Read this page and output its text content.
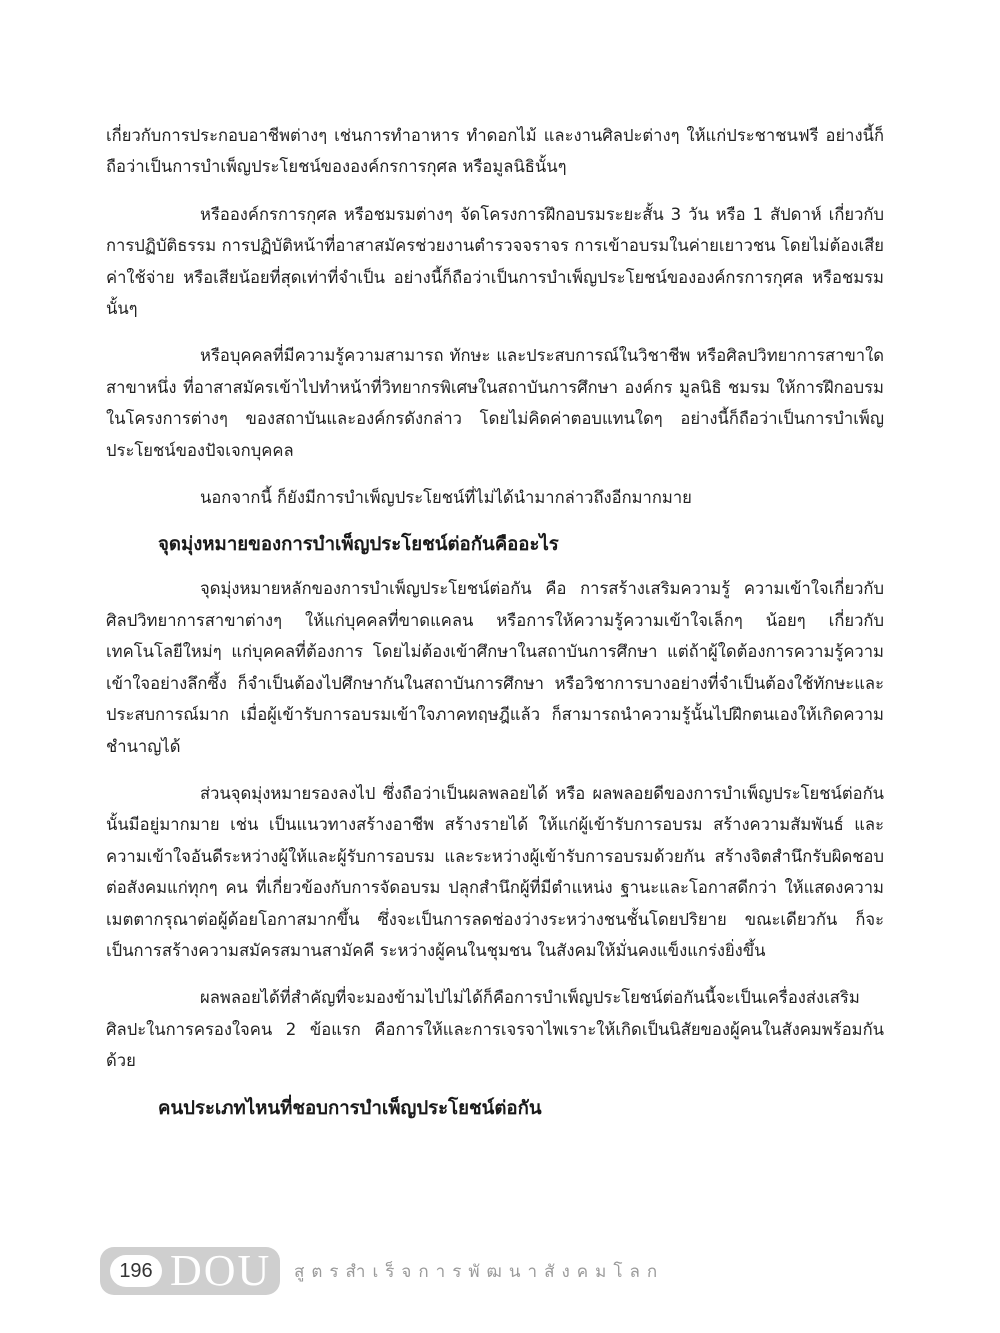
เกี่ยวกับการประกอบอาชีพต่างๆ เช่นการทำอาหาร ทำดอกไม้ และงานศิลปะต่างๆ ให้แก่ประชาชนฟรี อย่างนี้ก็ถือว่าเป็นการบำเพ็ญประโยชน์ขององค์กรการกุศล หรือมูลนิธินั้นๆ

หรือองค์กรการกุศล หรือชมรมต่างๆ จัดโครงการฝึกอบรมระยะสั้น 3 วัน หรือ 1 สัปดาห์ เกี่ยวกับการปฏิบัติธรรม การปฏิบัติหน้าที่อาสาสมัครช่วยงานตำรวจจราจร การเข้าอบรมในค่ายเยาวชน โดยไม่ต้องเสียค่าใช้จ่าย หรือเสียน้อยที่สุดเท่าที่จำเป็น อย่างนี้ก็ถือว่าเป็นการบำเพ็ญประโยชน์ขององค์กรการกุศล หรือชมรมนั้นๆ

หรือบุคคลที่มีความรู้ความสามารถ ทักษะ และประสบการณ์ในวิชาชีพ หรือศิลปวิทยาการสาขาใดสาขาหนึ่ง ที่อาสาสมัครเข้าไปทำหน้าที่วิทยากรพิเศษในสถาบันการศึกษา องค์กร มูลนิธิ ชมรม ให้การฝึกอบรมในโครงการต่างๆ ของสถาบันและองค์กรดังกล่าว โดยไม่คิดค่าตอบแทนใดๆ อย่างนี้ก็ถือว่าเป็นการบำเพ็ญประโยชน์ของปัจเจกบุคคล

นอกจากนี้ ก็ยังมีการบำเพ็ญประโยชน์ที่ไม่ได้นำมากล่าวถึงอีกมากมาย

จุดมุ่งหมายของการบำเพ็ญประโยชน์ต่อกันคืออะไร

จุดมุ่งหมายหลักของการบำเพ็ญประโยชน์ต่อกัน คือ การสร้างเสริมความรู้ ความเข้าใจเกี่ยวกับศิลปวิทยาการสาขาต่างๆ ให้แก่บุคคลที่ขาดแคลน หรือการให้ความรู้ความเข้าใจเล็กๆ น้อยๆ เกี่ยวกับเทคโนโลยีใหม่ๆ แก่บุคคลที่ต้องการ โดยไม่ต้องเข้าศึกษาในสถาบันการศึกษา แต่ถ้าผู้ใดต้องการความรู้ความเข้าใจอย่างลึกซึ้ง ก็จำเป็นต้องไปศึกษากันในสถาบันการศึกษา หรือวิชาการบางอย่างที่จำเป็นต้องใช้ทักษะและประสบการณ์มาก เมื่อผู้เข้ารับการอบรมเข้าใจภาคทฤษฎีแล้ว ก็สามารถนำความรู้นั้นไปฝึกตนเองให้เกิดความชำนาญได้

ส่วนจุดมุ่งหมายรองลงไป ซึ่งถือว่าเป็นผลพลอยได้ หรือ ผลพลอยดีของการบำเพ็ญประโยชน์ต่อกันนั้นมีอยู่มากมาย เช่น เป็นแนวทางสร้างอาชีพ สร้างรายได้ ให้แก่ผู้เข้ารับการอบรม สร้างความสัมพันธ์ และความเข้าใจอันดีระหว่างผู้ให้และผู้รับการอบรม และระหว่างผู้เข้ารับการอบรมด้วยกัน สร้างจิตสำนึกรับผิดชอบต่อสังคมแก่ทุกๆ คน ที่เกี่ยวข้องกับการจัดอบรม ปลุกสำนึกผู้ที่มีตำแหน่ง ฐานะและโอกาสดีกว่า ให้แสดงความเมตตากรุณาต่อผู้ด้อยโอกาสมากขึ้น ซึ่งจะเป็นการลดช่องว่างระหว่างชนชั้นโดยปริยาย ขณะเดียวกัน ก็จะเป็นการสร้างความสมัครสมานสามัคคี ระหว่างผู้คนในชุมชน ในสังคมให้มั่นคงแข็งแกร่งยิ่งขึ้น

ผลพลอยได้ที่สำคัญที่จะมองข้ามไปไม่ได้ก็คือการบำเพ็ญประโยชน์ต่อกันนี้จะเป็นเครื่องส่งเสริมศิลปะในการครองใจคน 2 ข้อแรก คือการให้และการเจรจาไพเราะให้เกิดเป็นนิสัยของผู้คนในสังคมพร้อมกันด้วย

คนประเภทไหนที่ชอบการบำเพ็ญประโยชน์ต่อกัน
196 DOU สูตรสำเร็จการพัฒนาสังคมโลก
